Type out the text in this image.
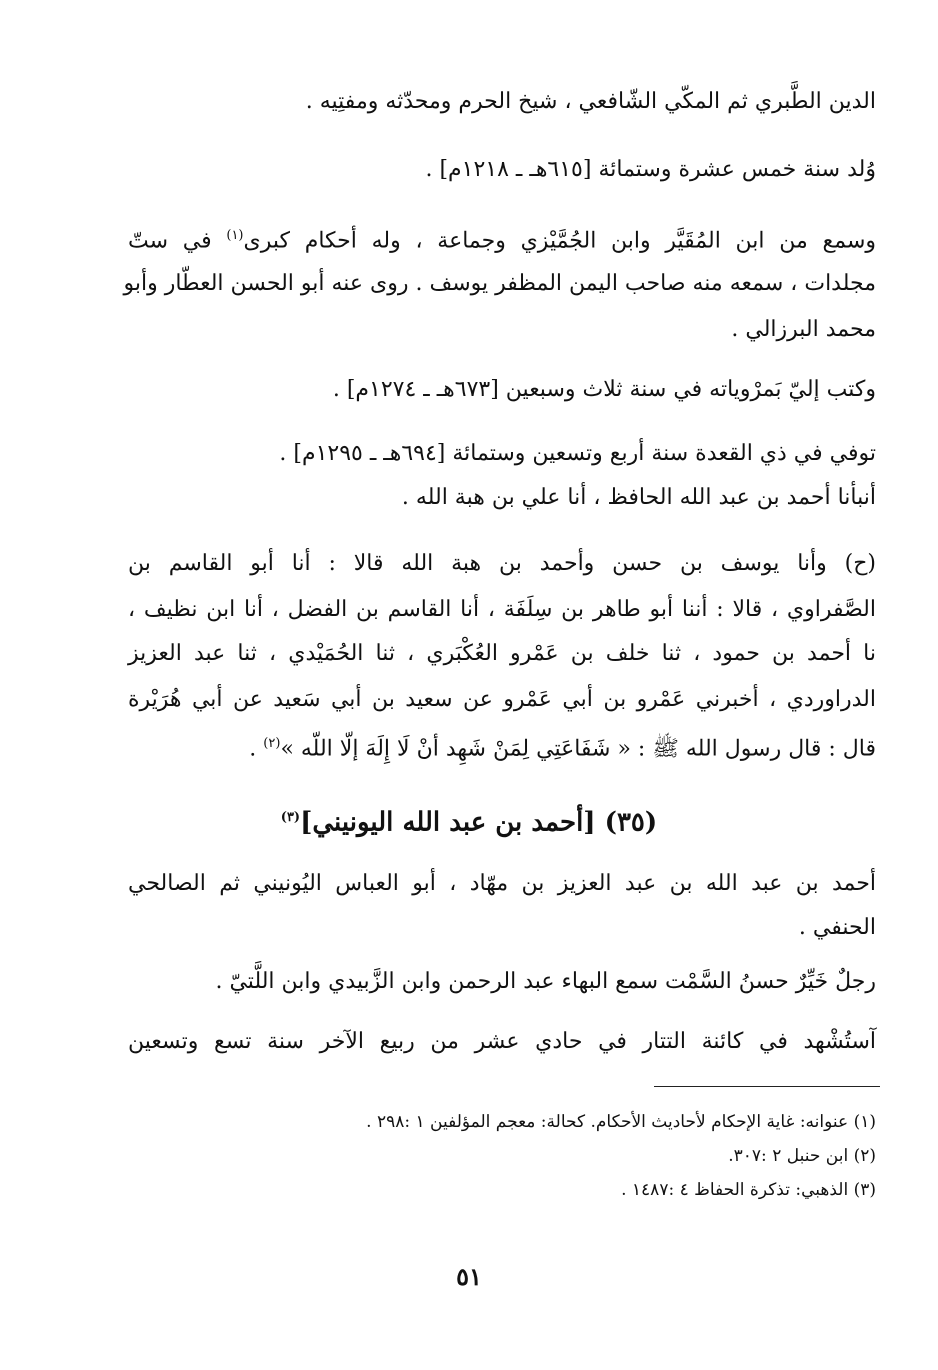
الدين الطَّبري ثم المكّي الشّافعي ، شيخ الحرم ومحدّثه ومفتِيه .
وُلد سنة خمس عشرة وستمائة [٦١٥هـ ـ ١٢١٨م] .
وسمع من ابن المُقَيَّر وابن الجُمَّيْزي وجماعة ، وله أحكام كبرى$^{(١)}$ في ستّ
مجلدات ، سمعه منه صاحب اليمن المظفر يوسف . روى عنه أبو الحسن العطّار وأبو
محمد البرزالي .
وكتب إليّ بَمرْوياته في سنة ثلاث وسبعين [٦٧٣هـ ـ ١٢٧٤م] .
توفي في ذي القعدة سنة أربع وتسعين وستمائة [٦٩٤هـ ـ ١٢٩٥م] .
أنبأنا أحمد بن عبد الله الحافظ ، أنا علي بن هبة الله .
(ح) وأنا يوسف بن حسن وأحمد بن هبة الله قالا : أنا أبو القاسم بن
الصَّفراوي ، قالا : أننا أبو طاهر بن سِلَفَة ، أنا القاسم بن الفضل ، أنا ابن نظيف ،
نا أحمد بن حمود ، ثنا خلف بن عَمْرو العُكْبَري ، ثنا الحُمَيْدي ، ثنا عبد العزيز
الدراوردي ، أخبرني عَمْرو بن أبي عَمْرو عن سعيد بن أبي سَعيد عن أبي هُرَيْرة
قال : قال رسول الله ﷺ : « شَفَاعَتِي لِمَنْ شَهِد أنْ لَا إِلَهَ إلّا اللّه »$^{(٢)}$ .
(٣٥) [أحمد بن عبد الله اليونيني]$^{(٣)}$
أحمد بن عبد الله بن عبد العزيز بن مهّاد ، أبو العباس اليُونيني ثم الصالحي
الحنفي .
رجلٌ خَيِّرٌ حسنُ السَّمْت سمع البهاء عبد الرحمن وابن الزَّبيدي وابن اللَّتيّ .
آستُشْهد في كائنة التتار في حادي عشر من ربيع الآخر سنة تسع وتسعين
(١) عنوانه: غاية الإحكام لأحاديث الأحكام. كحالة: معجم المؤلفين ١ :٢٩٨ .
(٢) ابن حنبل ٢ :٣٠٧.
(٣) الذهبي: تذكرة الحفاظ ٤ :١٤٨٧ .
٥١
